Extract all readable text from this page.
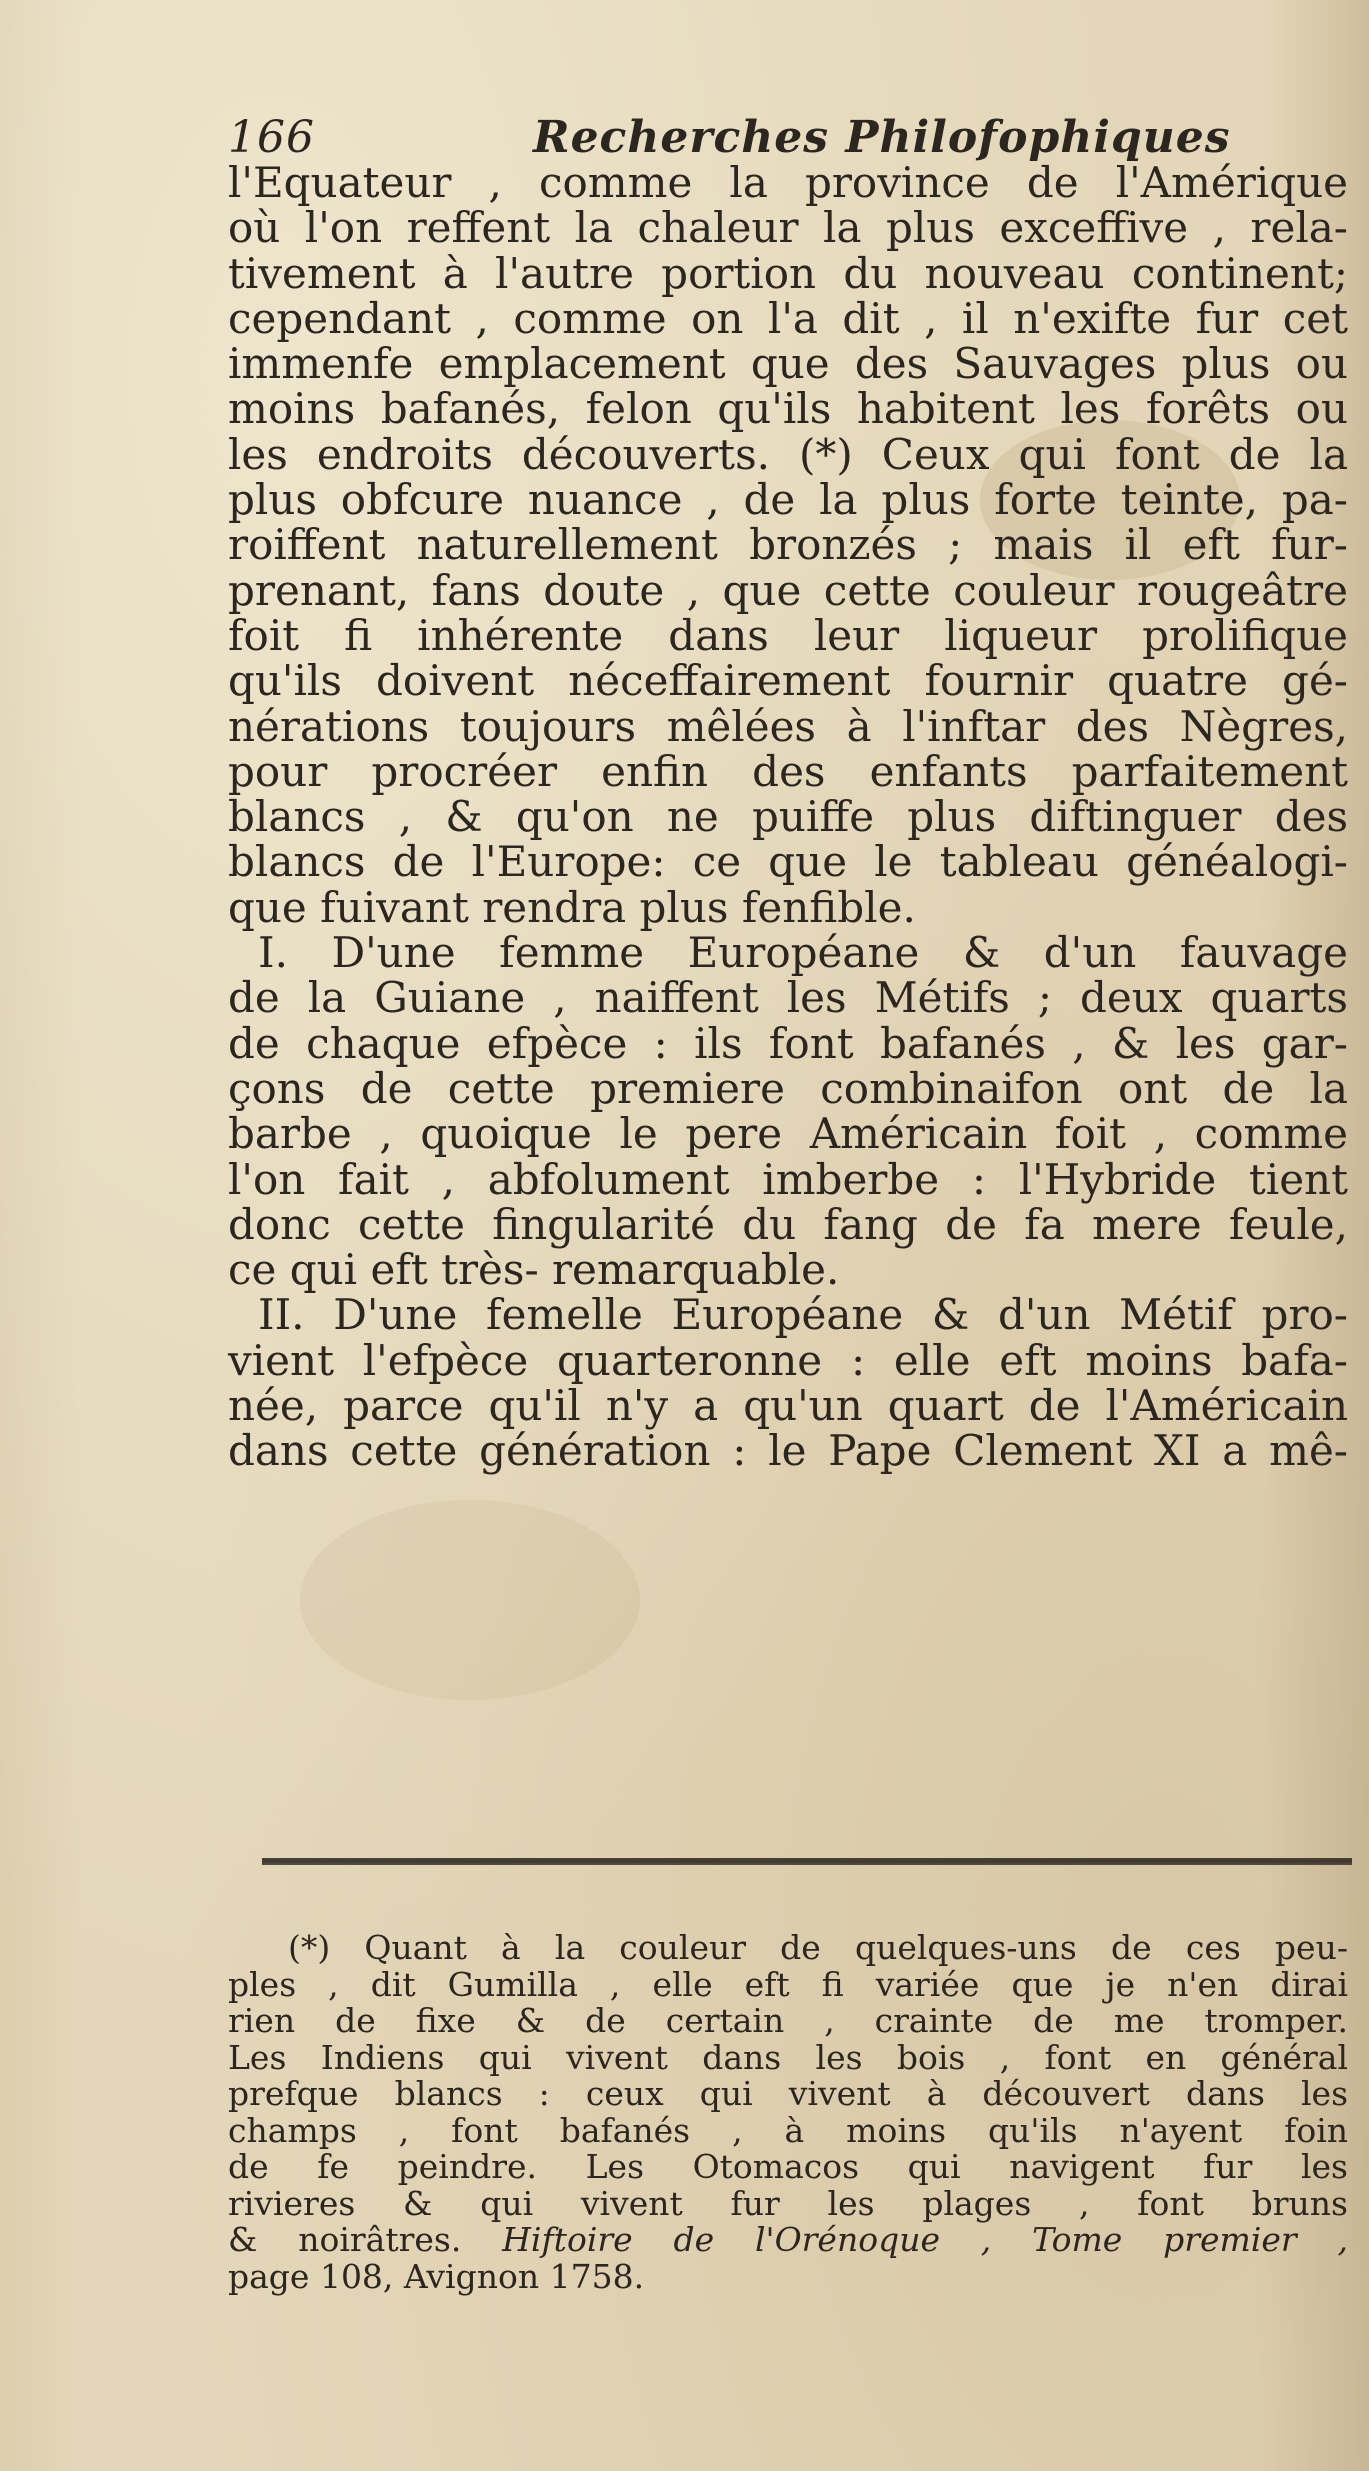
166	Recherches Philofophiques
l'Equateur , comme la province de l'Amérique
où l'on reffent la chaleur la plus exceffive , rela-
tivement à l'autre portion du nouveau continent;
cependant , comme on l'a dit , il n'exifte fur cet
immenfe emplacement que des Sauvages plus ou
moins bafanés, felon qu'ils habitent les forêts ou
les endroits découverts. (*) Ceux qui font de la
plus obfcure nuance , de la plus forte teinte, pa-
roiffent naturellement bronzés ; mais il eft fur-
prenant, fans doute , que cette couleur rougeâtre
foit fi inhérente dans leur liqueur prolifique
qu'ils doivent néceffairement fournir quatre gé-
nérations toujours mêlées à l'inftar des Nègres,
pour procréer enfin des enfants parfaitement
blancs , & qu'on ne puiffe plus diftinguer des
blancs de l'Europe: ce que le tableau généalogi-
que fuivant rendra plus fenfible.
I. D'une femme Européane & d'un fauvage
de la Guiane , naiffent les Métifs ; deux quarts
de chaque efpèce : ils font bafanés , & les gar-
çons de cette premiere combinaifon ont de la
barbe , quoique le pere Américain foit , comme
l'on fait , abfolument imberbe : l'Hybride tient
donc cette fingularité du fang de fa mere feule,
ce qui eft très- remarquable.
II. D'une femelle Européane & d'un Métif pro-
vient l'efpèce quarteronne : elle eft moins bafa-
née, parce qu'il n'y a qu'un quart de l'Américain
dans cette génération : le Pape Clement XI a mê-
(*) Quant à la couleur de quelques-uns de ces peu-
ples , dit Gumilla , elle eft fi variée que je n'en dirai
rien de fixe & de certain , crainte de me tromper.
Les Indiens qui vivent dans les bois , font en général
prefque blancs : ceux qui vivent à découvert dans les
champs , font bafanés , à moins qu'ils n'ayent foin
de fe peindre. Les Otomacos qui navigent fur les
rivieres & qui vivent fur les plages , font bruns
& noirâtres. Hiftoire de l'Orénoque , Tome premier ,
page 108, Avignon 1758.
